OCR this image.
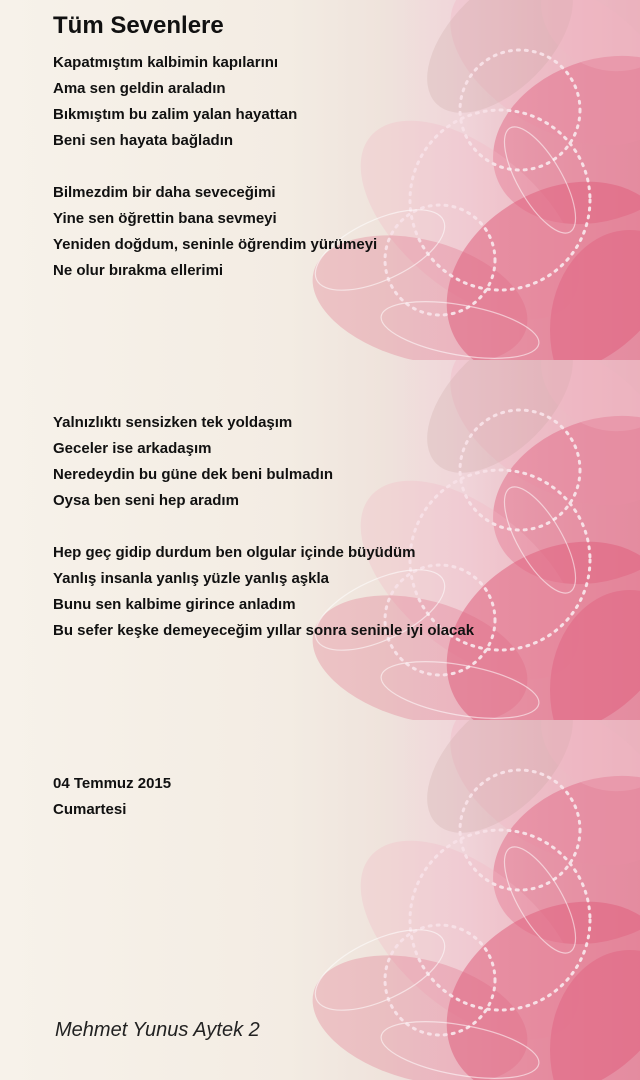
Tüm Sevenlere

Kapatmıştım kalbimin kapılarını

Ama sen geldin araladın

Bıkmıştım bu zalim yalan hayattan

Beni sen hayata bağladın

Bilmezdim bir daha seveceğimi

Yine sen öğrettin bana sevmeyi

Yeniden doğdum, seninle öğrendim yürümeyi

Ne olur bırakma ellerimi

Yalnızlıktı sensizken tek yoldaşım

Geceler ise arkadaşım

Neredeydin bu güne dek beni bulmadın

Oysa ben seni hep aradım

Hep geç gidip durdum ben olgular içinde büyüdüm

Yanlış insanla yanlış yüzle yanlış aşkla

Bunu sen kalbime girince anladım

Bu sefer keşke demeyeceğim yıllar sonra seninle iyi olacak

04 Temmuz 2015

Cumartesi

Mehmet Yunus Aytek 2
